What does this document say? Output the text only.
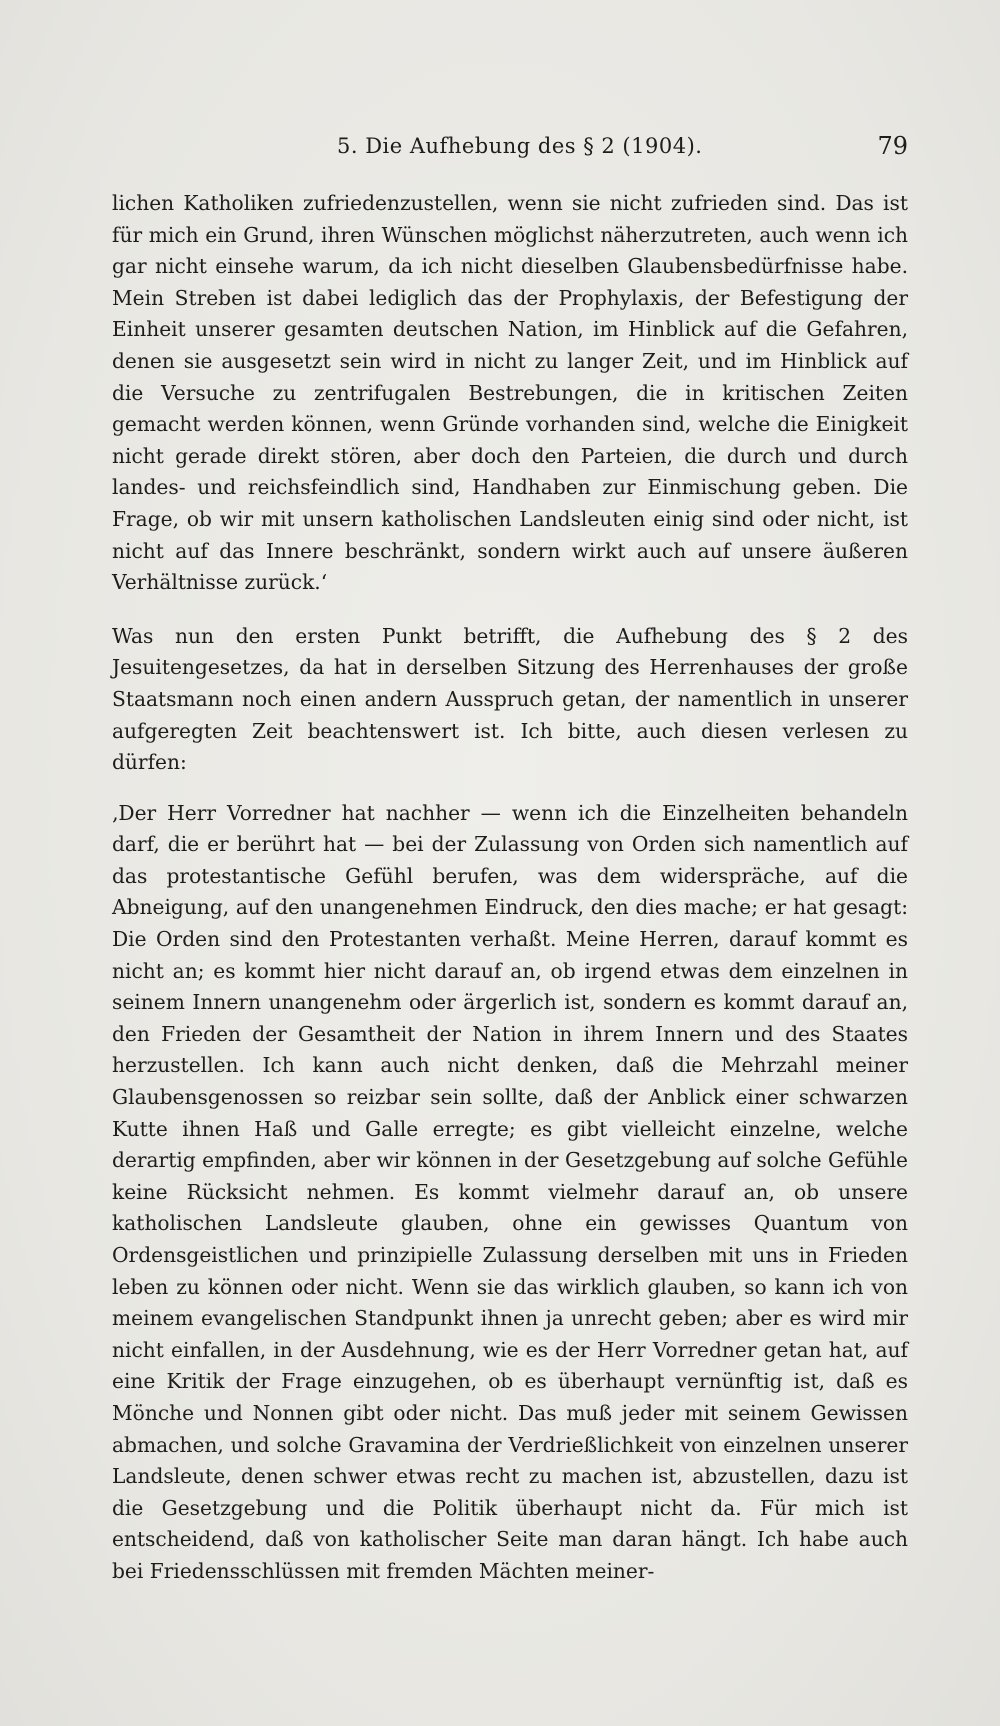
5. Die Aufhebung des § 2 (1904).	79

lichen Katholiken zufriedenzustellen, wenn sie nicht zufrieden sind. Das ist für mich ein Grund, ihren Wünschen möglichst näherzutreten, auch wenn ich gar nicht einsehe warum, da ich nicht dieselben Glaubensbedürfnisse habe. Mein Streben ist dabei lediglich das der Prophylaxis, der Befestigung der Einheit unserer gesamten deutschen Nation, im Hinblick auf die Gefahren, denen sie ausgesetzt sein wird in nicht zu langer Zeit, und im Hinblick auf die Versuche zu zentrifugalen Bestrebungen, die in kritischen Zeiten gemacht werden können, wenn Gründe vorhanden sind, welche die Einigkeit nicht gerade direkt stören, aber doch den Parteien, die durch und durch landes- und reichsfeindlich sind, Handhaben zur Einmischung geben. Die Frage, ob wir mit unsern katholischen Landsleuten einig sind oder nicht, ist nicht auf das Innere beschränkt, sondern wirkt auch auf unsere äußeren Verhältnisse zurück.‘

Was nun den ersten Punkt betrifft, die Aufhebung des § 2 des Jesuitengesetzes, da hat in derselben Sitzung des Herrenhauses der große Staatsmann noch einen andern Ausspruch getan, der namentlich in unserer aufgeregten Zeit beachtenswert ist. Ich bitte, auch diesen verlesen zu dürfen:

‚Der Herr Vorredner hat nachher — wenn ich die Einzelheiten behandeln darf, die er berührt hat — bei der Zulassung von Orden sich namentlich auf das protestantische Gefühl berufen, was dem widerspräche, auf die Abneigung, auf den unangenehmen Eindruck, den dies mache; er hat gesagt: Die Orden sind den Protestanten verhaßt. Meine Herren, darauf kommt es nicht an; es kommt hier nicht darauf an, ob irgend etwas dem einzelnen in seinem Innern unangenehm oder ärgerlich ist, sondern es kommt darauf an, den Frieden der Gesamtheit der Nation in ihrem Innern und des Staates herzustellen. Ich kann auch nicht denken, daß die Mehrzahl meiner Glaubensgenossen so reizbar sein sollte, daß der Anblick einer schwarzen Kutte ihnen Haß und Galle erregte; es gibt vielleicht einzelne, welche derartig empfinden, aber wir können in der Gesetzgebung auf solche Gefühle keine Rücksicht nehmen. Es kommt vielmehr darauf an, ob unsere katholischen Landsleute glauben, ohne ein gewisses Quantum von Ordensgeistlichen und prinzipielle Zulassung derselben mit uns in Frieden leben zu können oder nicht. Wenn sie das wirklich glauben, so kann ich von meinem evangelischen Standpunkt ihnen ja unrecht geben; aber es wird mir nicht einfallen, in der Ausdehnung, wie es der Herr Vorredner getan hat, auf eine Kritik der Frage einzugehen, ob es überhaupt vernünftig ist, daß es Mönche und Nonnen gibt oder nicht. Das muß jeder mit seinem Gewissen abmachen, und solche Gravamina der Verdrießlichkeit von einzelnen unserer Landsleute, denen schwer etwas recht zu machen ist, abzustellen, dazu ist die Gesetzgebung und die Politik überhaupt nicht da. Für mich ist entscheidend, daß von katholischer Seite man daran hängt. Ich habe auch bei Friedensschlüssen mit fremden Mächten meiner-
